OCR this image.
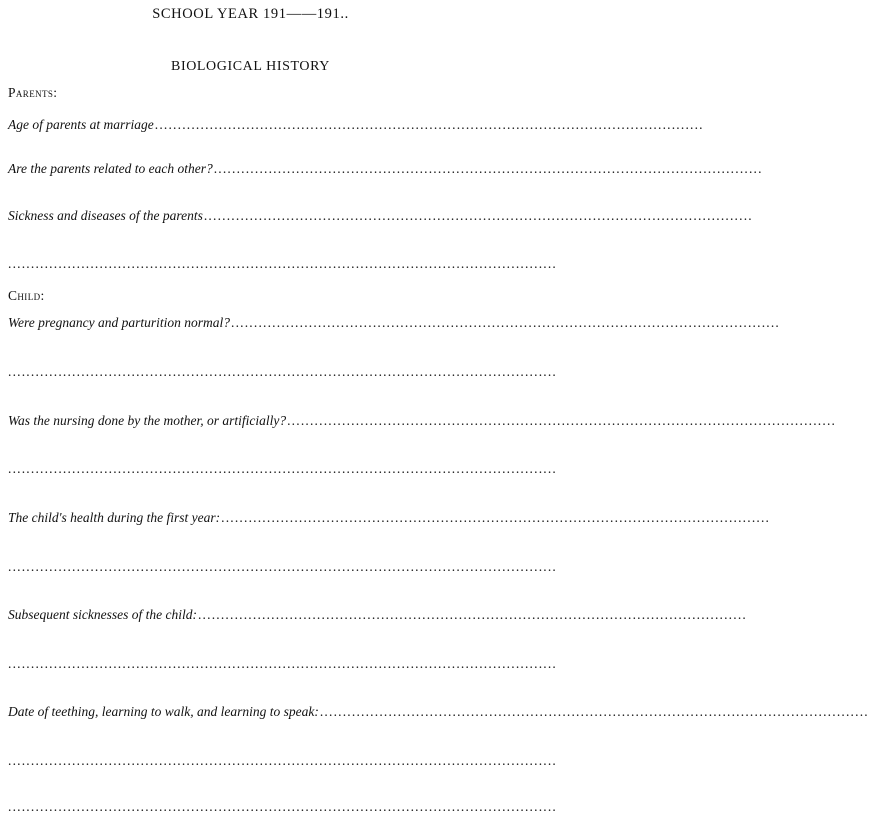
SCHOOL YEAR 191——191..
BIOLOGICAL HISTORY
Parents:
Age of parents at marriage ........................................................................................................................
Are the parents related to each other? ........................................................................................................................
Sickness and diseases of the parents ........................................................................................................................
........................................................................................................................
Child:
Were pregnancy and parturition normal? ........................................................................................................................
........................................................................................................................
Was the nursing done by the mother, or artificially? ........................................................................................................................
........................................................................................................................
The child's health during the first year: ........................................................................................................................
........................................................................................................................
Subsequent sicknesses of the child: ........................................................................................................................
........................................................................................................................
Date of teething, learning to walk, and learning to speak: ........................................................................................................................
........................................................................................................................
........................................................................................................................
